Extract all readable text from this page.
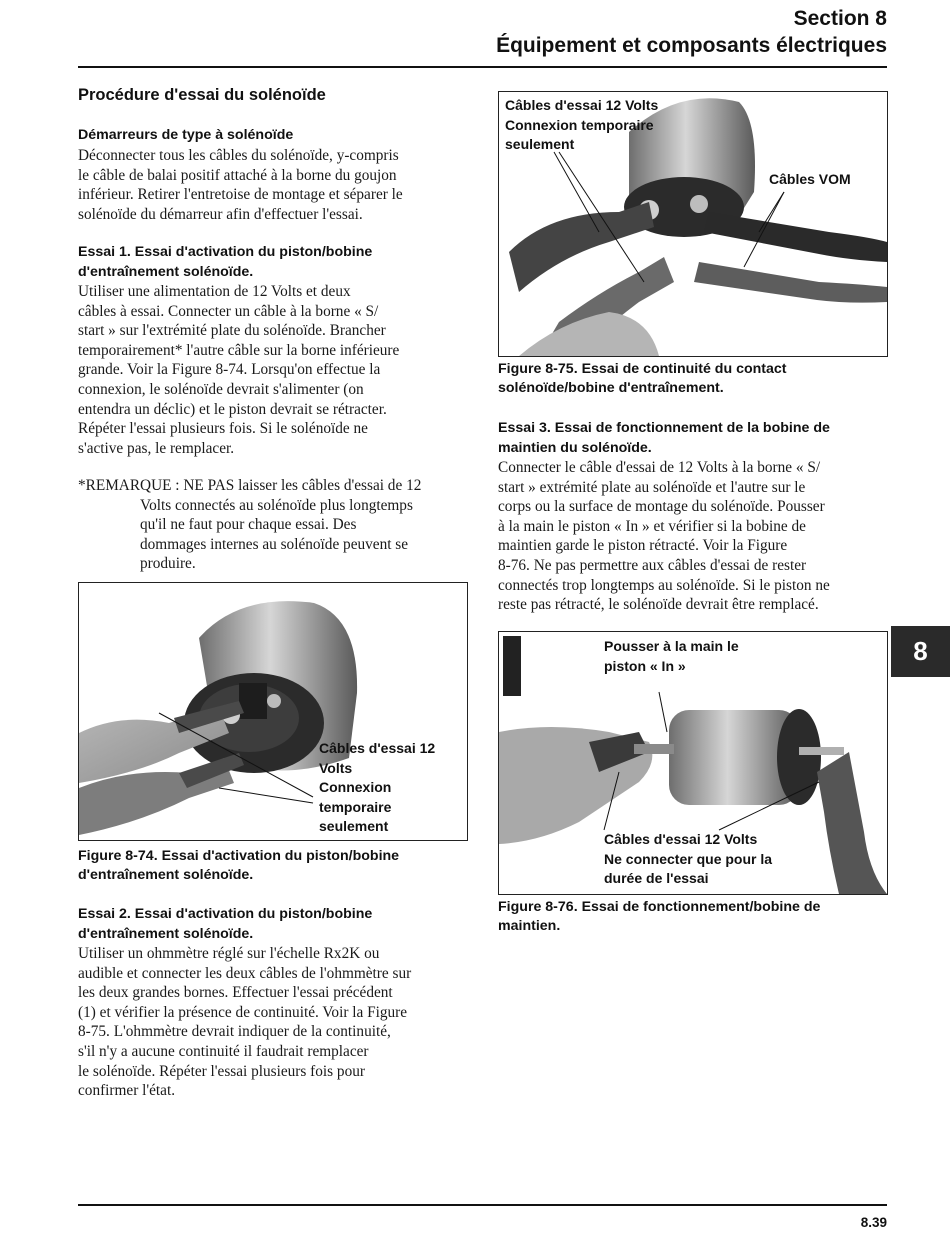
Section 8
Équipement et composants électriques
Procédure d'essai du solénoïde
Démarreurs de type à solénoïde
Déconnecter tous les câbles du solénoïde, y-compris
le câble de balai positif attaché à la borne du goujon
inférieur. Retirer l'entretoise de montage et séparer le
solénoïde du démarreur afin d'effectuer l'essai.
Essai 1. Essai d'activation du piston/bobine
d'entraînement solénoïde.
Utiliser une alimentation de 12 Volts et deux
câbles à essai. Connecter un câble à la borne « S/
start » sur l'extrémité plate du solénoïde. Brancher
temporairement* l'autre câble sur la borne inférieure
grande. Voir la Figure 8-74. Lorsqu'on effectue la
connexion, le solénoïde devrait s'alimenter (on
entendra un déclic) et le piston devrait se rétracter.
Répéter l'essai plusieurs fois. Si le solénoïde ne
s'active pas, le remplacer.
*REMARQUE : NE PAS laisser les câbles d'essai de 12
Volts connectés au solénoïde plus longtemps
qu'il ne faut pour chaque essai. Des
dommages internes au solénoïde peuvent se
produire.
Câbles d'essai 12
Volts
Connexion
temporaire
seulement
Figure 8-74. Essai d'activation du piston/bobine
d'entraînement solénoïde.
Essai 2. Essai d'activation du piston/bobine
d'entraînement solénoïde.
Utiliser un ohmmètre réglé sur l'échelle Rx2K ou
audible et connecter les deux câbles de l'ohmmètre sur
les deux grandes bornes. Effectuer l'essai précédent
(1) et vérifier la présence de continuité. Voir la Figure
8-75. L'ohmmètre devrait indiquer de la continuité,
s'il n'y a aucune continuité il faudrait remplacer
le solénoïde. Répéter l'essai plusieurs fois pour
confirmer l'état.
Câbles d'essai 12 Volts
Connexion temporaire
seulement
Câbles VOM
Figure 8-75. Essai de continuité du contact
solénoïde/bobine d'entraînement.
Essai 3. Essai de fonctionnement de la bobine de
maintien du solénoïde.
Connecter le câble d'essai de 12 Volts à la borne « S/
start » extrémité plate au solénoïde et l'autre sur le
corps ou la surface de montage du solénoïde. Pousser
à la main le piston « In » et vérifier si la bobine de
maintien garde le piston rétracté. Voir la Figure
8-76. Ne pas permettre aux câbles d'essai de rester
connectés trop longtemps au solénoïde. Si le piston ne
reste pas rétracté, le solénoïde devrait être remplacé.
Pousser à la main le
piston « In »
Câbles d'essai 12 Volts
Ne connecter que pour la
durée de l'essai
Figure 8-76. Essai de fonctionnement/bobine de
maintien.
8
8.39
